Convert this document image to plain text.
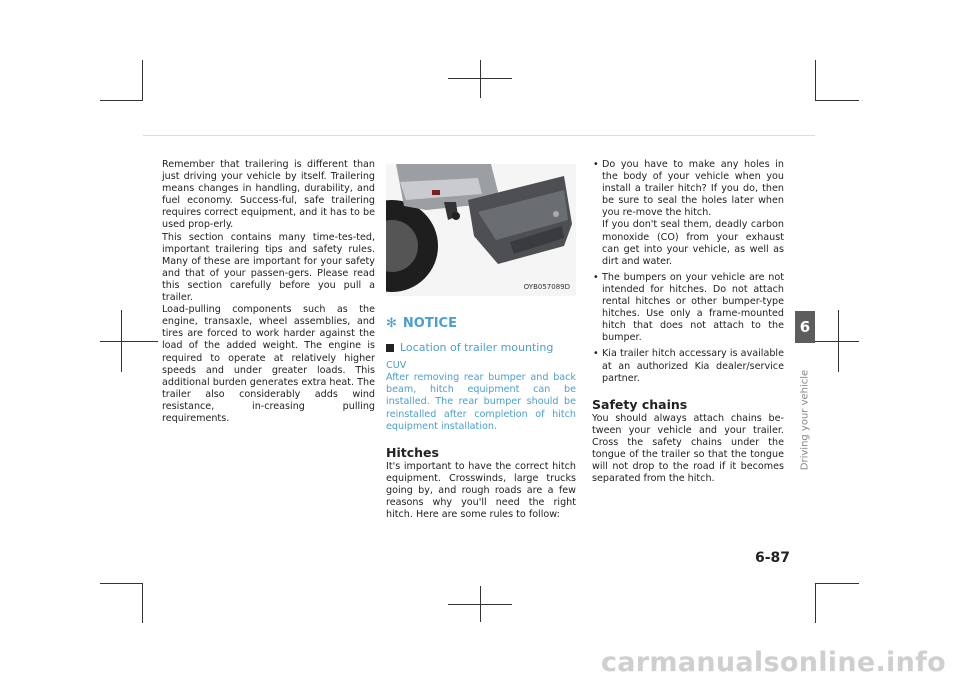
Remember that trailering is different than just driving your vehicle by itself. Trailering means changes in handling, durability, and fuel economy. Success-ful, safe trailering requires correct equipment, and it has to be used prop-erly.

This section contains many time-tes-ted, important trailering tips and safety rules. Many of these are important for your safety and that of your passen-gers. Please read this section carefully before you pull a trailer.

Load-pulling components such as the engine, transaxle, wheel assemblies, and tires are forced to work harder against the load of the added weight. The engine is required to operate at relatively higher speeds and under greater loads. This additional burden generates extra heat. The trailer also considerably adds wind resistance, in-creasing pulling requirements.

OYB057089D
✻ NOTICE
Location of trailer mounting
CUV

After removing rear bumper and back beam, hitch equipment can be installed. The rear bumper should be reinstalled after completion of hitch equipment installation.

Hitches

It's important to have the correct hitch equipment. Crosswinds, large trucks going by, and rough roads are a few reasons why you'll need the right hitch. Here are some rules to follow:

• Do you have to make any holes in the body of your vehicle when you install a trailer hitch? If you do, then be sure to seal the holes later when you re-move the hitch.

If you don't seal them, deadly carbon monoxide (CO) from your exhaust can get into your vehicle, as well as dirt and water.

• The bumpers on your vehicle are not intended for hitches. Do not attach rental hitches or other bumper-type hitches. Use only a frame-mounted hitch that does not attach to the bumper.

• Kia trailer hitch accessary is available at an authorized Kia dealer/service partner.

Safety chains

You should always attach chains be-tween your vehicle and your trailer. Cross the safety chains under the tongue of the trailer so that the tongue will not drop to the road if it becomes separated from the hitch.

6
Driving your vehicle
6-87
carmanualsonline.info
